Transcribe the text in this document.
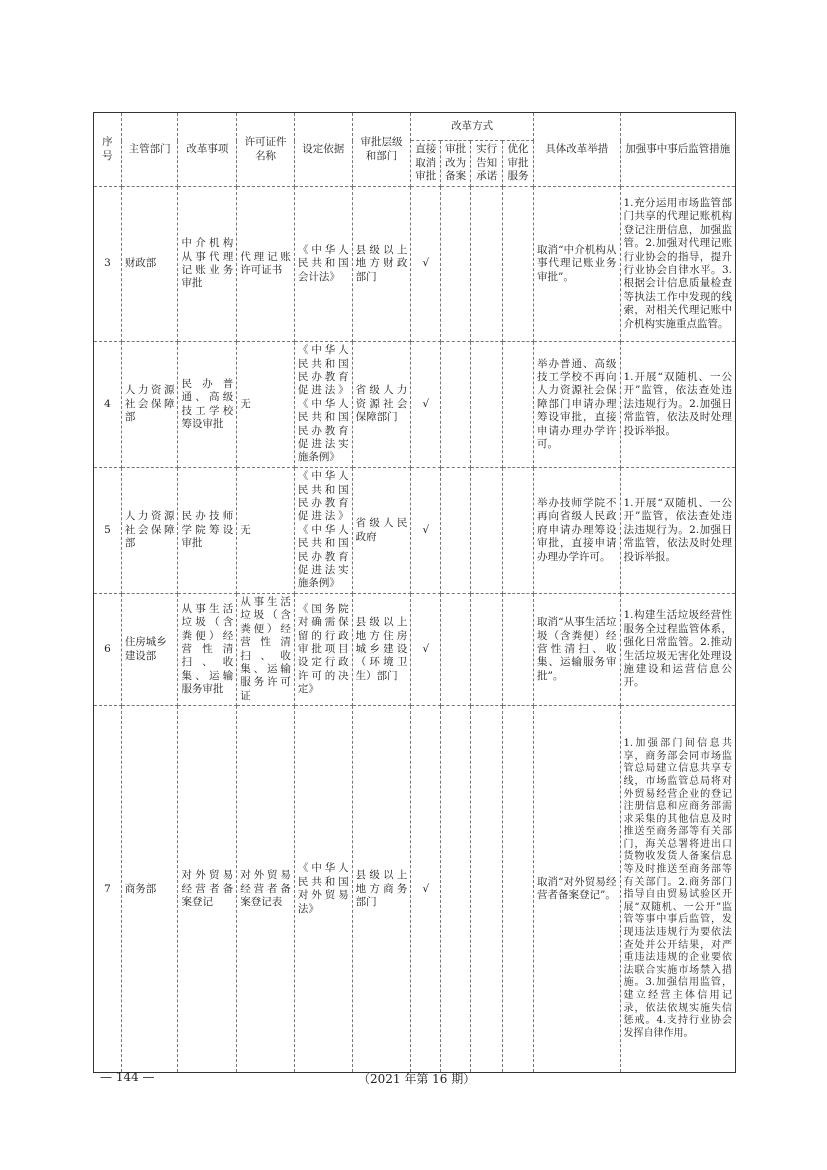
序号	主管部门	改革事项	许可证件名称	设定依据	审批层级和部门	改革方式				具体改革举措	加强事中事后监管措施
						直接取消审批	审批改为备案	实行告知承诺	优化审批服务		
3	财政部	中介机构从事代理记账业务审批	代理记账许可证书	《中华人民共和国会计法》	县级以上地方财政部门	√				取消“中介机构从事代理记账业务审批”。	1.充分运用市场监管部门共享的代理记账机构登记注册信息，加强监管。2.加强对代理记账行业协会的指导，提升行业协会自律水平。3.根据会计信息质量检查等执法工作中发现的线索，对相关代理记账中介机构实施重点监管。
4	人力资源社会保障部	民办普通、高级技工学校筹设审批	无	《中华人民共和国民办教育促进法》《中华人民共和国民办教育促进法实施条例》	省级人力资源社会保障部门	√				举办普通、高级技工学校不再向人力资源社会保障部门申请办理筹设审批，直接申请办理办学许可。	1.开展“双随机、一公开”监管，依法查处违法违规行为。2.加强日常监管，依法及时处理投诉举报。
5	人力资源社会保障部	民办技师学院筹设审批	无	《中华人民共和国民办教育促进法》《中华人民共和国民办教育促进法实施条例》	省级人民政府	√				举办技师学院不再向省级人民政府申请办理筹设审批，直接申请办理办学许可。	1.开展“双随机、一公开”监管，依法查处违法违规行为。2.加强日常监管，依法及时处理投诉举报。
6	住房城乡建设部	从事生活垃圾（含粪便）经营性清扫、收集、运输服务审批	从事生活垃圾（含粪便）经营性清扫、收集、运输服务许可证	《国务院对确需保留的行政审批项目设定行政许可的决定》	县级以上地方住房城乡建设（环境卫生）部门	√				取消“从事生活垃圾（含粪便）经营性清扫、收集、运输服务审批”。	1.构建生活垃圾经营性服务全过程监管体系，强化日常监管。2.推动生活垃圾无害化处理设施建设和运营信息公开。
7	商务部	对外贸易经营者备案登记	对外贸易经营者备案登记表	《中华人民共和国对外贸易法》	县级以上地方商务部门	√				取消“对外贸易经营者备案登记”。	1.加强部门间信息共享，商务部会同市场监管总局建立信息共享专线，市场监管总局将对外贸易经营企业的登记注册信息和应商务部需求采集的其他信息及时推送至商务部等有关部门，海关总署将进出口货物收发货人备案信息等及时推送至商务部等有关部门。2.商务部门指导自由贸易试验区开展“双随机、一公开”监管等事中事后监管，发现违法违规行为要依法查处并公开结果，对严重违法违规的企业要依法联合实施市场禁入措施。3.加强信用监管，建立经营主体信用记录，依法依规实施失信惩戒。4.支持行业协会发挥自律作用。
— 144 —	（2021 年第 16 期）
